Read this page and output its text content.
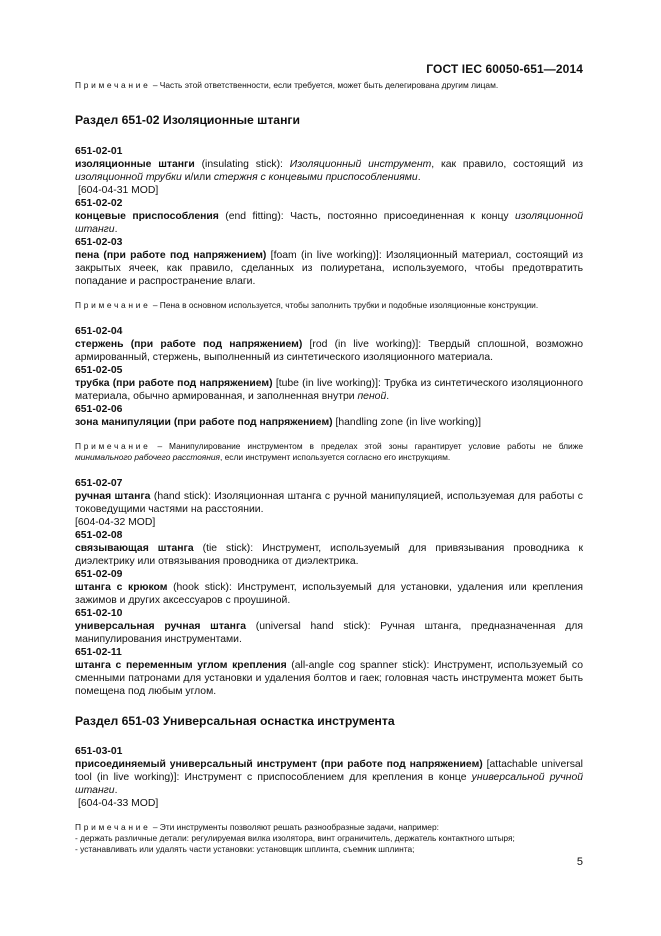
ГОСТ IEC 60050-651—2014
Примечание – Часть этой ответственности, если требуется, может быть делегирована другим лицам.
Раздел 651-02 Изоляционные штанги
651-02-01
изоляционные штанги (insulating stick): Изоляционный инструмент, как правило, состоящий из изоляционной трубки и/или стержня с концевыми приспособлениями.
[604-04-31 MOD]
651-02-02
концевые приспособления (end fitting): Часть, постоянно присоединенная к концу изоляционной штанги.
651-02-03
пена (при работе под напряжением) [foam (in live working)]: Изоляционный материал, состоящий из закрытых ячеек, как правило, сделанных из полиуретана, используемого, чтобы предотвратить попадание и распространение влаги.
Примечание – Пена в основном используется, чтобы заполнить трубки и подобные изоляционные конструкции.
651-02-04
стержень (при работе под напряжением) [rod (in live working)]: Твердый сплошной, возможно армированный, стержень, выполненный из синтетического изоляционного материала.
651-02-05
трубка (при работе под напряжением) [tube (in live working)]: Трубка из синтетического изоляционного материала, обычно армированная, и заполненная внутри пеной.
651-02-06
зона манипуляции (при работе под напряжением) [handling zone (in live working)]
Примечание – Манипулирование инструментом в пределах этой зоны гарантирует условие работы не ближе минимального рабочего расстояния, если инструмент используется согласно его инструкциям.
651-02-07
ручная штанга (hand stick): Изоляционная штанга с ручной манипуляцией, используемая для работы с токоведущими частями на расстоянии.
[604-04-32 MOD]
651-02-08
связывающая штанга (tie stick): Инструмент, используемый для привязывания проводника к диэлектрику или отвязывания проводника от диэлектрика.
651-02-09
штанга с крюком (hook stick): Инструмент, используемый для установки, удаления или крепления зажимов и других аксессуаров с проушиной.
651-02-10
универсальная ручная штанга (universal hand stick): Ручная штанга, предназначенная для манипулирования инструментами.
651-02-11
штанга с переменным углом крепления (all-angle cog spanner stick): Инструмент, используемый со сменными патронами для установки и удаления болтов и гаек; головная часть инструмента может быть помещена под любым углом.
Раздел 651-03 Универсальная оснастка инструмента
651-03-01
присоединяемый универсальный инструмент (при работе под напряжением) [attachable universal tool (in live working)]: Инструмент с приспособлением для крепления в конце универсальной ручной штанги.
[604-04-33 MOD]
Примечание – Эти инструменты позволяют решать разнообразные задачи, например:
- держать различные детали: регулируемая вилка изолятора, винт ограничитель, держатель контактного штыря;
- устанавливать или удалять части установки: установщик шплинта, съемник шплинта;
5
